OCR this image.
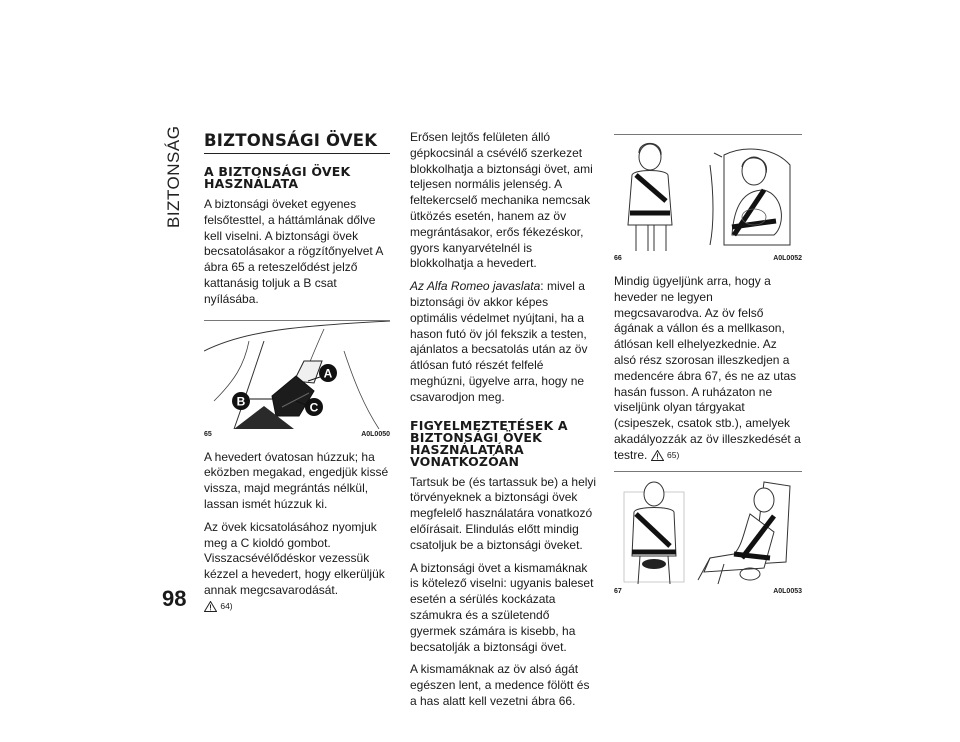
BIZTONSÁG
98
BIZTONSÁGI ÖVEK
A BIZTONSÁGI ÖVEK HASZNÁLATA

A biztonsági öveket egyenes felsőtesttel, a háttámlának dőlve kell viselni. A biztonsági övek becsatolásakor a rögzítőnyelvet A ábra 65 a reteszelődést jelző kattanásig toljuk a B csat nyílásába.

A
B	C
65	A0L0050

A hevedert óvatosan húzzuk; ha eközben megakad, engedjük kissé vissza, majd megrántás nélkül, lassan ismét húzzuk ki.

Az övek kicsatolásához nyomjuk meg a C kioldó gombot. Visszacsévélődéskor vezessük kézzel a hevedert, hogy elkerüljük annak megcsavarodását.
64)

Erősen lejtős felületen álló gépkocsinál a csévélő szerkezet blokkolhatja a biztonsági övet, ami teljesen normális jelenség. A feltekercselő mechanika nemcsak ütközés esetén, hanem az öv megrántásakor, erős fékezéskor, gyors kanyarvételnél is blokkolhatja a hevedert.

Az Alfa Romeo javaslata: mivel a biztonsági öv akkor képes optimális védelmet nyújtani, ha a hason futó öv jól fekszik a testen, ajánlatos a becsatolás után az öv átlósan futó részét felfelé meghúzni, ügyelve arra, hogy ne csavarodjon meg.

FIGYELMEZTETÉSEK A BIZTONSÁGI ÖVEK HASZNÁLATÁRA VONATKOZÓAN

Tartsuk be (és tartassuk be) a helyi törvényeknek a biztonsági övek megfelelő használatára vonatkozó előírásait. Elindulás előtt mindig csatoljuk be a biztonsági öveket.

A biztonsági övet a kismamáknak is kötelező viselni: ugyanis baleset esetén a sérülés kockázata számukra és a születendő gyermek számára is kisebb, ha becsatolják a biztonsági övet.

A kismamáknak az öv alsó ágát egészen lent, a medence fölött és a has alatt kell vezetni ábra 66.

66	A0L0052

Mindig ügyeljünk arra, hogy a heveder ne legyen megcsavarodva. Az öv felső ágának a vállon és a mellkason, átlósan kell elhelyezkednie. Az alsó rész szorosan illeszkedjen a medencére ábra 67, és ne az utas hasán fusson. A ruházaton ne viseljünk olyan tárgyakat (csipeszek, csatok stb.), amelyek akadályozzák az öv illeszkedését a testre. 65)

67	A0L0053
